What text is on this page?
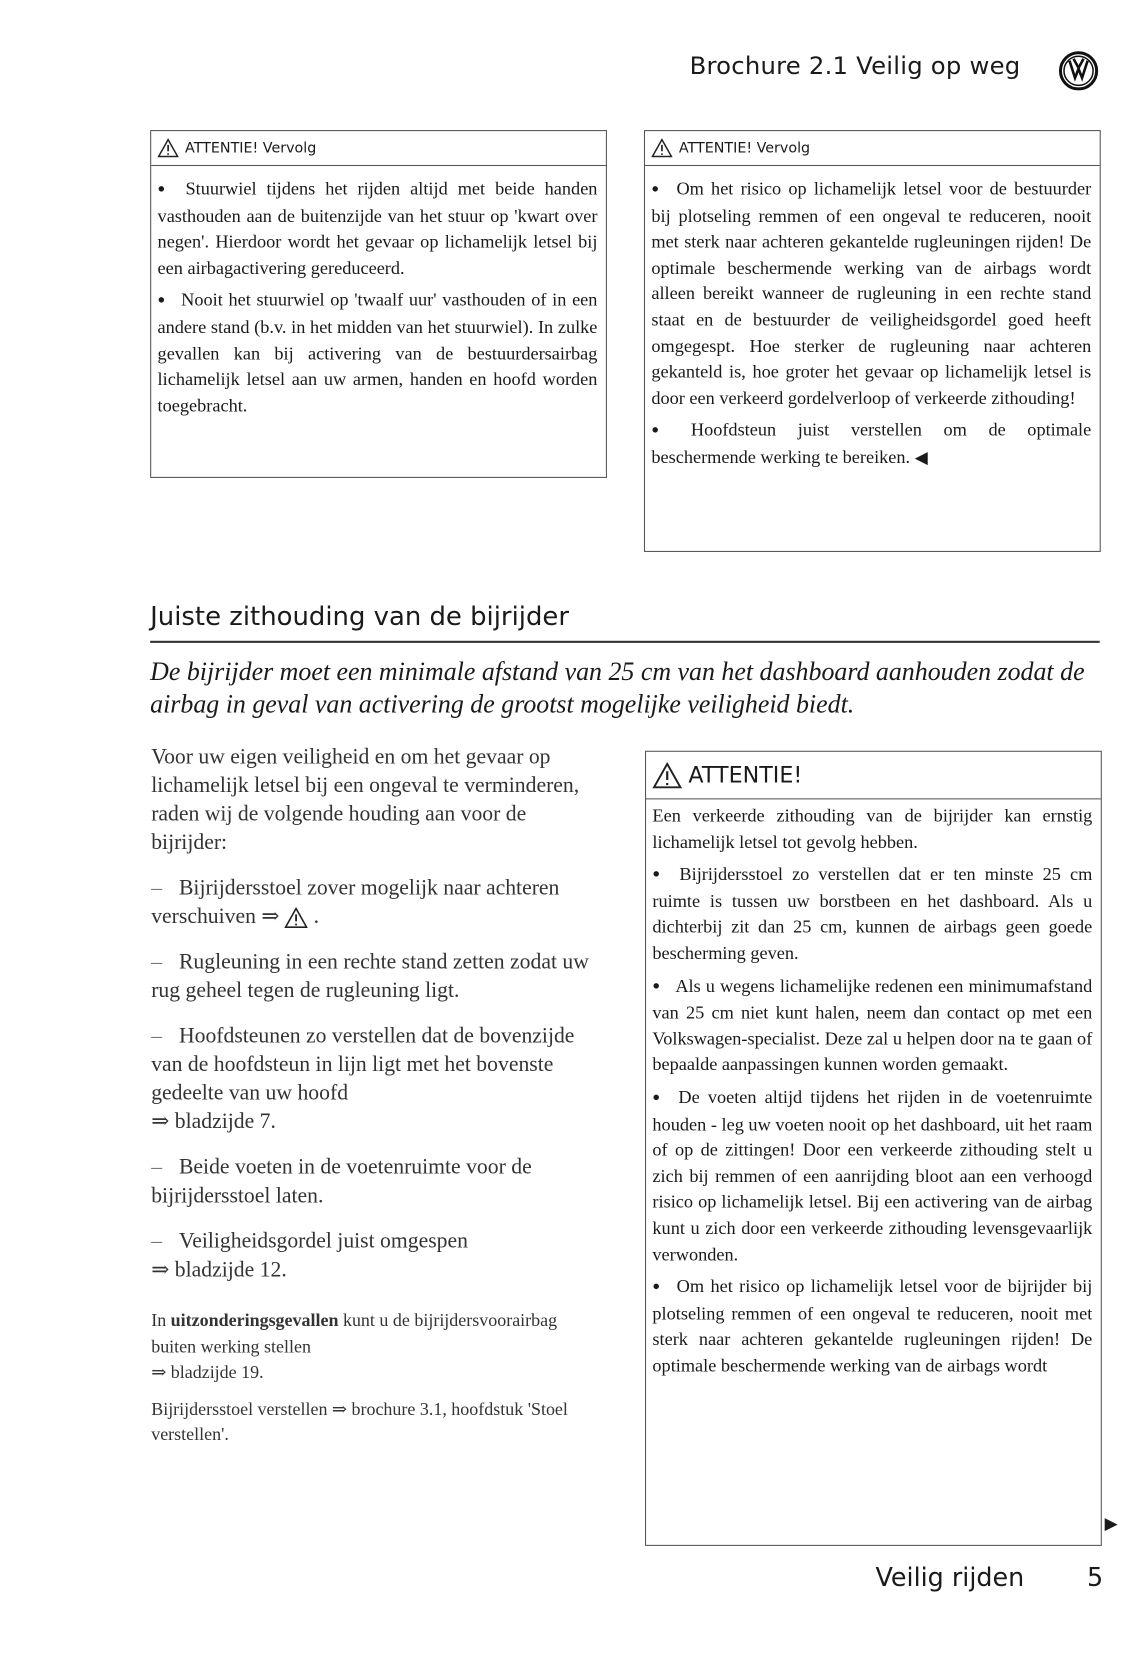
Brochure 2.1 Veilig op weg
ATTENTIE! Vervolg

● Stuurwiel tijdens het rijden altijd met beide handen vasthouden aan de buitenzijde van het stuur op 'kwart over negen'. Hierdoor wordt het gevaar op lichamelijk letsel bij een airbagactivering gereduceerd.

● Nooit het stuurwiel op 'twaalf uur' vasthouden of in een andere stand (b.v. in het midden van het stuurwiel). In zulke gevallen kan bij activering van de bestuurdersairbag lichamelijk letsel aan uw armen, handen en hoofd worden toegebracht.

ATTENTIE! Vervolg

● Om het risico op lichamelijk letsel voor de bestuurder bij plotseling remmen of een ongeval te reduceren, nooit met sterk naar achteren gekantelde rugleuningen rijden! De optimale beschermende werking van de airbags wordt alleen bereikt wanneer de rugleuning in een rechte stand staat en de bestuurder de veiligheidsgordel goed heeft omgegespt. Hoe sterker de rugleuning naar achteren gekanteld is, hoe groter het gevaar op lichamelijk letsel is door een verkeerd gordelverloop of verkeerde zithouding!

● Hoofdsteun juist verstellen om de optimale beschermende werking te bereiken. ◀

Juiste zithouding van de bijrijder
De bijrijder moet een minimale afstand van 25 cm van het dashboard aanhouden zodat de airbag in geval van activering de grootst mogelijke veiligheid biedt.

Voor uw eigen veiligheid en om het gevaar op lichamelijk letsel bij een ongeval te verminderen, raden wij de volgende houding aan voor de bijrijder:

– Bijrijdersstoel zover mogelijk naar achteren verschuiven ⇒  .

– Rugleuning in een rechte stand zetten zodat uw rug geheel tegen de rugleuning ligt.

– Hoofdsteunen zo verstellen dat de bovenzijde van de hoofdsteun in lijn ligt met het bovenste gedeelte van uw hoofd
⇒ bladzijde 7.

– Beide voeten in de voetenruimte voor de bijrijdersstoel laten.

– Veiligheidsgordel juist omgespen
⇒ bladzijde 12.

In uitzonderingsgevallen kunt u de bijrijdersvoorairbag buiten werking stellen
⇒ bladzijde 19.

Bijrijdersstoel verstellen ⇒ brochure 3.1, hoofdstuk 'Stoel verstellen'.

ATTENTIE!

Een verkeerde zithouding van de bijrijder kan ernstig lichamelijk letsel tot gevolg hebben.

● Bijrijdersstoel zo verstellen dat er ten minste 25 cm ruimte is tussen uw borstbeen en het dashboard. Als u dichterbij zit dan 25 cm, kunnen de airbags geen goede bescherming geven.

● Als u wegens lichamelijke redenen een minimumafstand van 25 cm niet kunt halen, neem dan contact op met een Volkswagen-specialist. Deze zal u helpen door na te gaan of bepaalde aanpassingen kunnen worden gemaakt.

● De voeten altijd tijdens het rijden in de voetenruimte houden - leg uw voeten nooit op het dashboard, uit het raam of op de zittingen! Door een verkeerde zithouding stelt u zich bij remmen of een aanrijding bloot aan een verhoogd risico op lichamelijk letsel. Bij een activering van de airbag kunt u zich door een verkeerde zithouding levensgevaarlijk verwonden.

● Om het risico op lichamelijk letsel voor de bijrijder bij plotseling remmen of een ongeval te reduceren, nooit met sterk naar achteren gekantelde rugleuningen rijden! De optimale beschermende werking van de airbags wordt

▶
Veilig rijden	5
